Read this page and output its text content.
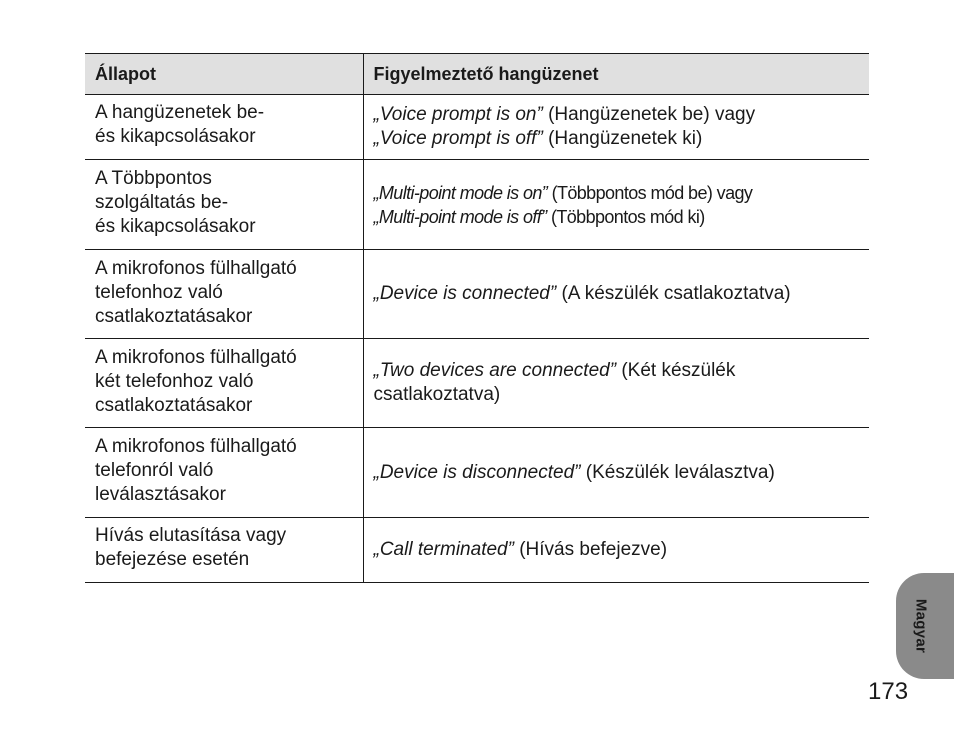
Állapot	Figyelmeztető hangüzenet

A hangüzenetek be-
és kikapcsolásakor	„Voice prompt is on” (Hangüzenetek be) vagy
„Voice prompt is off” (Hangüzenetek ki)

A Többpontos
szolgáltatás be-
és kikapcsolásakor	„Multi-point mode is on” (Többpontos mód be) vagy
„Multi-point mode is off” (Többpontos mód ki)

A mikrofonos fülhallgató
telefonhoz való
csatlakoztatásakor	„Device is connected” (A készülék csatlakoztatva)

A mikrofonos fülhallgató
két telefonhoz való
csatlakoztatásakor	„Two devices are connected” (Két készülék
csatlakoztatva)

A mikrofonos fülhallgató
telefonról való
leválasztásakor	„Device is disconnected” (Készülék leválasztva)

Hívás elutasítása vagy
befejezése esetén	„Call terminated” (Hívás befejezve)
Magyar
173
